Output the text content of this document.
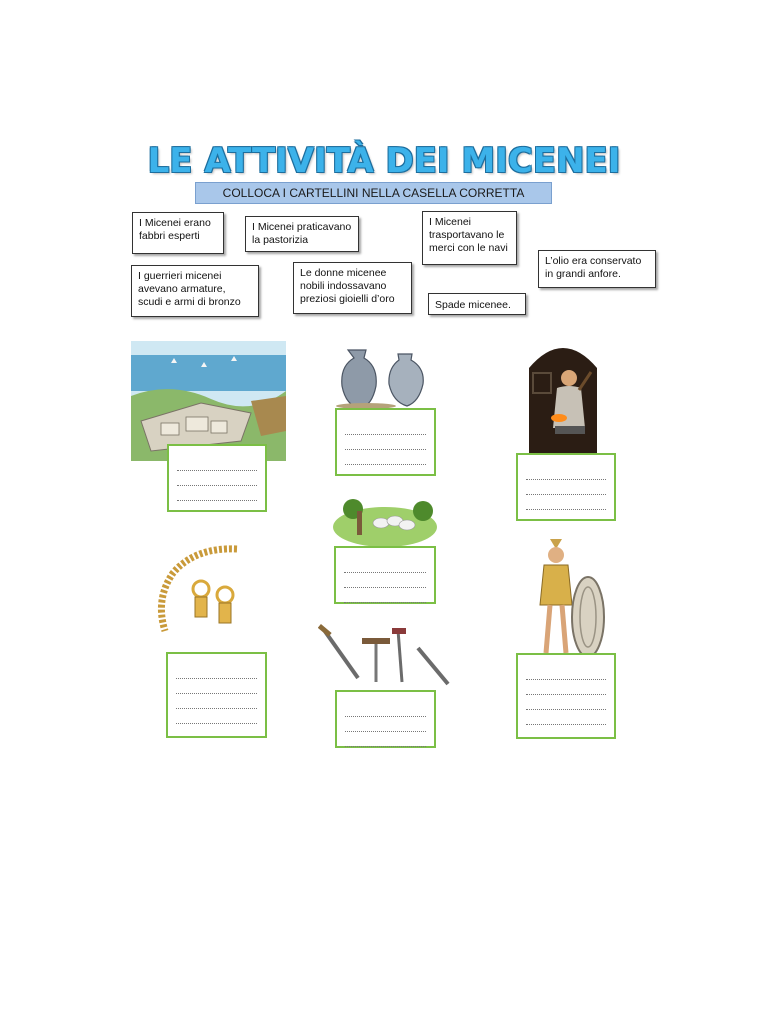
LE ATTIVITÀ DEI MICENEI
COLLOCA I CARTELLINI NELLA CASELLA CORRETTA
I Micenei erano fabbri esperti
I Micenei praticavano la pastorizia
I Micenei trasportavano le merci con le navi
L’olio era conservato in grandi anfore.
I guerrieri micenei avevano armature, scudi e armi di bronzo
Le donne micenee nobili indossavano preziosi gioielli d’oro	Spade micenee.
